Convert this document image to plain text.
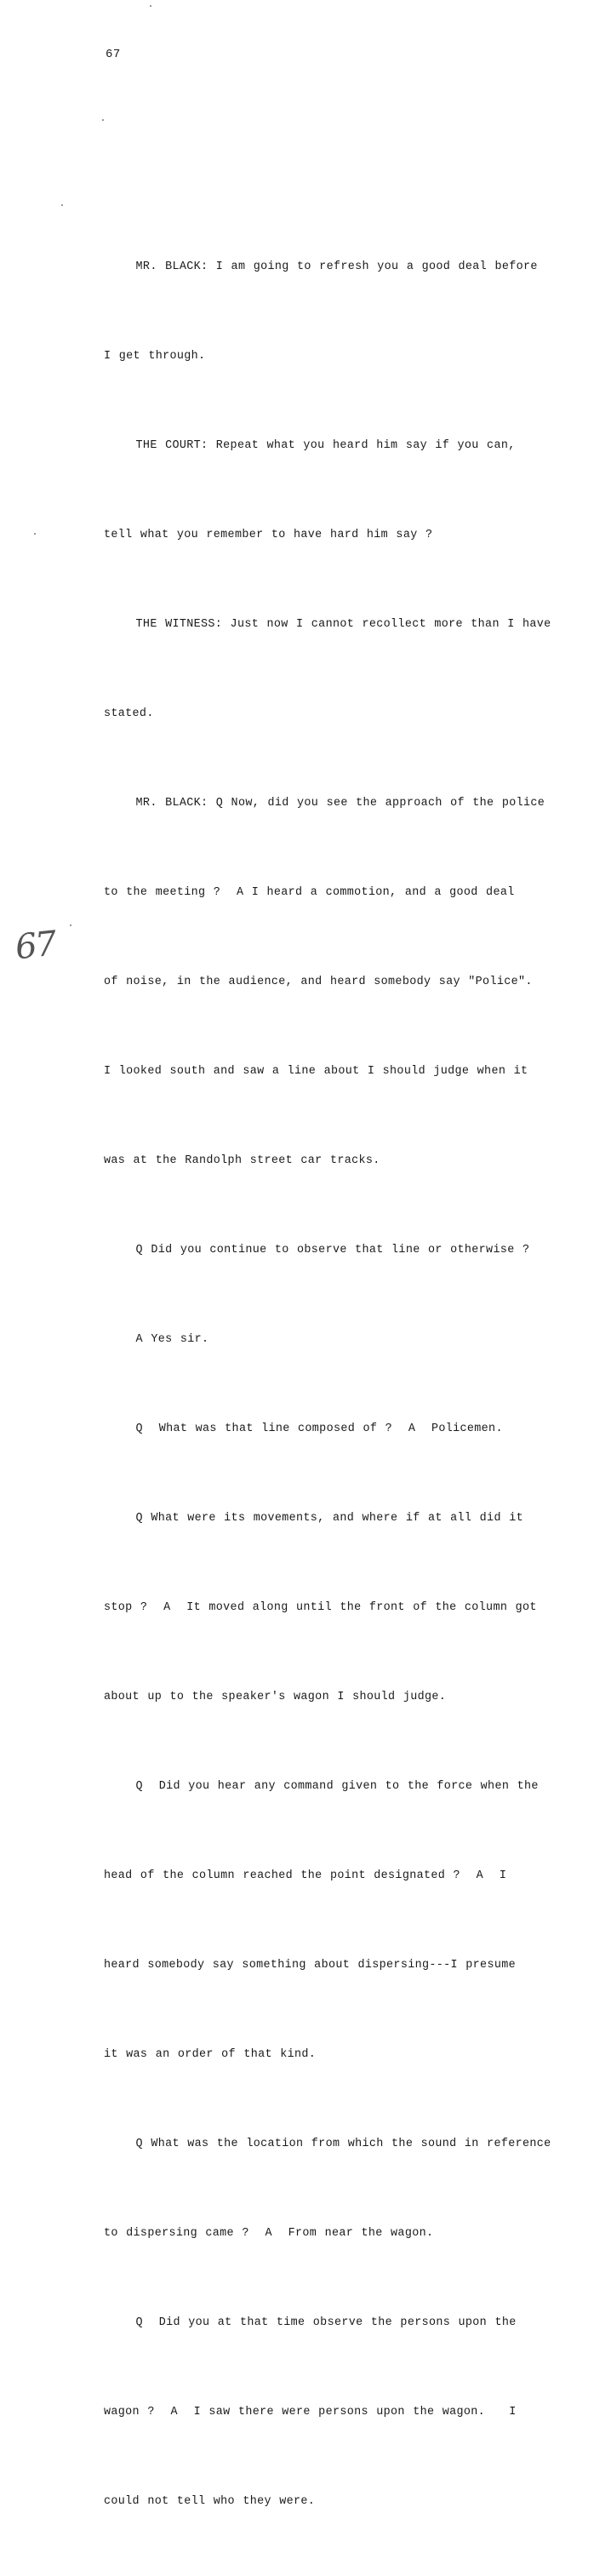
67

MR. BLACK: I am going to refresh you a good deal before

I get through.

THE COURT: Repeat what you heard him say if you can,

tell what you remember to have hard him say ?

THE WITNESS: Just now I cannot recollect more than I have

stated.

MR. BLACK: Q Now, did you see the approach of the police

to the meeting ?  A I heard a commotion, and a good deal

of noise, in the audience, and heard somebody say "Police".

I looked south and saw a line about I should judge when it

was at the Randolph street car tracks.

Q Did you continue to observe that line or otherwise ?

A Yes sir.

Q  What was that line composed of ?  A  Policemen.

Q What were its movements, and where if at all did it

stop ?  A  It moved along until the front of the column got

about up to the speaker's wagon I should judge.

Q  Did you hear any command given to the force when the

head of the column reached the point designated ?  A  I

heard somebody say something about dispersing---I presume

it was an order of that kind.

Q What was the location from which the sound in reference

to dispersing came ?  A  From near the wagon.

Q  Did you at that time observe the persons upon the

wagon ?  A  I saw there were persons upon the wagon.   I

could not tell who they were.

67
